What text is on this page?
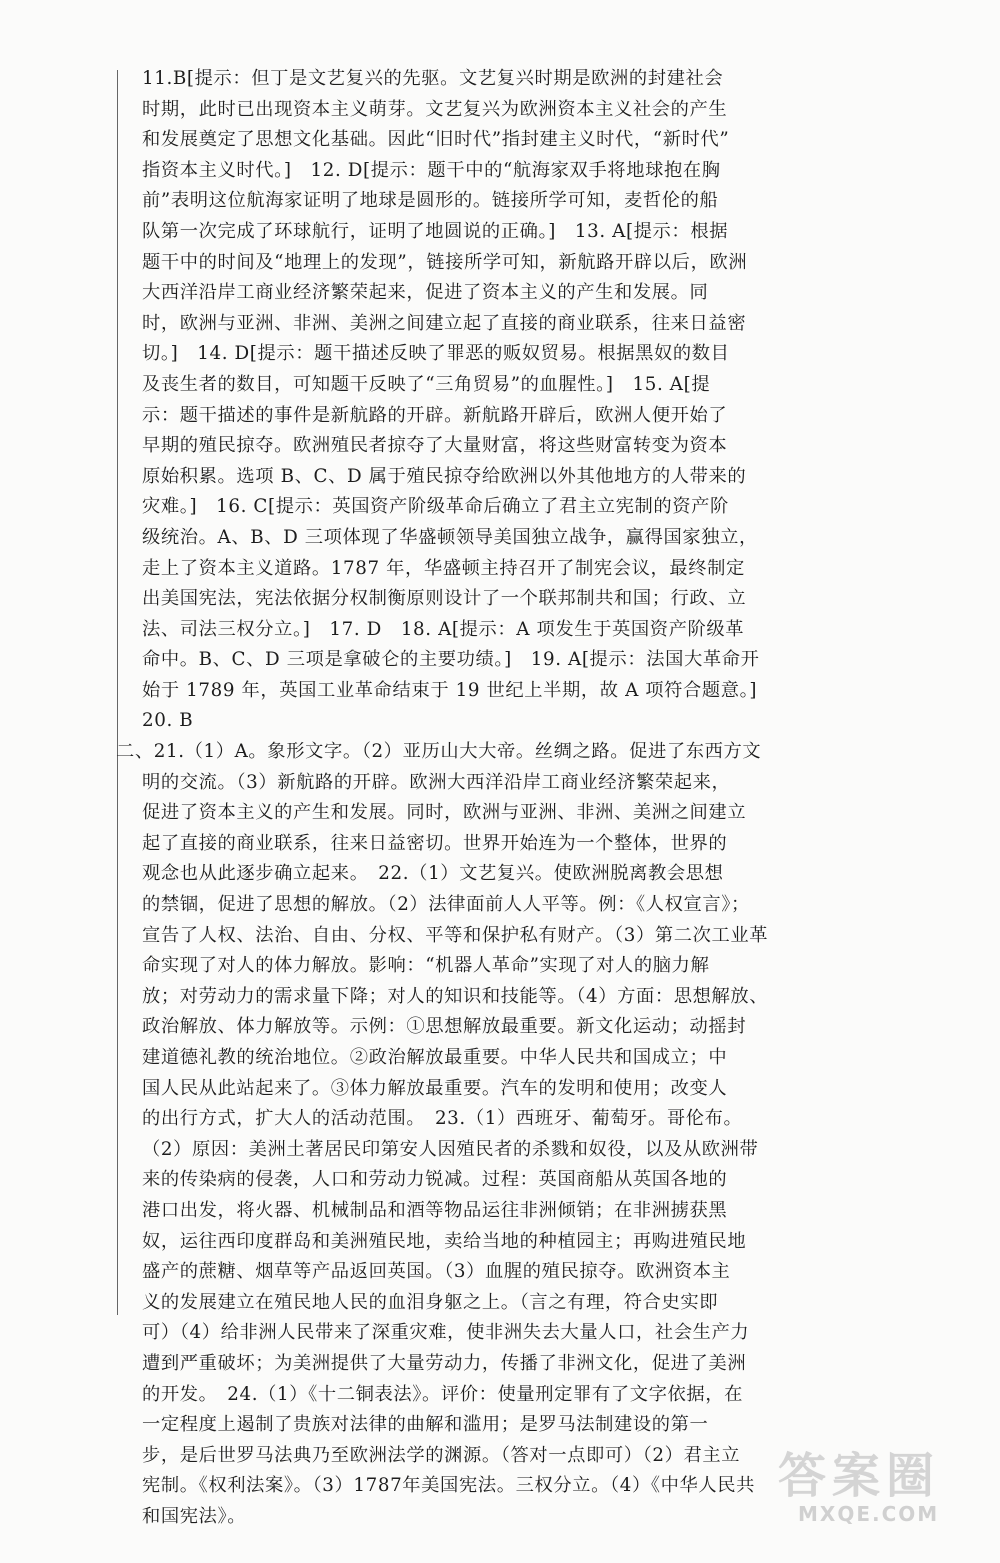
11.B[提示：但丁是文艺复兴的先驱。文艺复兴时期是欧洲的封建社会
时期，此时已出现资本主义萌芽。文艺复兴为欧洲资本主义社会的产生
和发展奠定了思想文化基础。因此“旧时代”指封建主义时代，“新时代”
指资本主义时代。]　12. D[提示：题干中的“航海家双手将地球抱在胸
前”表明这位航海家证明了地球是圆形的。链接所学可知，麦哲伦的船
队第一次完成了环球航行，证明了地圆说的正确。]　13. A[提示：根据
题干中的时间及“地理上的发现”，链接所学可知，新航路开辟以后，欧洲
大西洋沿岸工商业经济繁荣起来，促进了资本主义的产生和发展。同
时，欧洲与亚洲、非洲、美洲之间建立起了直接的商业联系，往来日益密
切。]　14. D[提示：题干描述反映了罪恶的贩奴贸易。根据黑奴的数目
及丧生者的数目，可知题干反映了“三角贸易”的血腥性。]　15. A[提
示：题干描述的事件是新航路的开辟。新航路开辟后，欧洲人便开始了
早期的殖民掠夺。欧洲殖民者掠夺了大量财富，将这些财富转变为资本
原始积累。选项 B、C、D 属于殖民掠夺给欧洲以外其他地方的人带来的
灾难。]　16. C[提示：英国资产阶级革命后确立了君主立宪制的资产阶
级统治。A、B、D 三项体现了华盛顿领导美国独立战争，赢得国家独立，
走上了资本主义道路。1787 年，华盛顿主持召开了制宪会议，最终制定
出美国宪法，宪法依据分权制衡原则设计了一个联邦制共和国；行政、立
法、司法三权分立。]　17. D　18. A[提示：A 项发生于英国资产阶级革
命中。B、C、D 三项是拿破仑的主要功绩。]　19. A[提示：法国大革命开
始于 1789 年，英国工业革命结束于 19 世纪上半期，故 A 项符合题意。]
20. B
二、21.（1）A。象形文字。（2）亚历山大大帝。丝绸之路。促进了东西方文
明的交流。（3）新航路的开辟。欧洲大西洋沿岸工商业经济繁荣起来，
促进了资本主义的产生和发展。同时，欧洲与亚洲、非洲、美洲之间建立
起了直接的商业联系，往来日益密切。世界开始连为一个整体，世界的
观念也从此逐步确立起来。　22.（1）文艺复兴。使欧洲脱离教会思想
的禁锢，促进了思想的解放。（2）法律面前人人平等。例：《人权宣言》；
宣告了人权、法治、自由、分权、平等和保护私有财产。（3）第二次工业革
命实现了对人的体力解放。影响：“机器人革命”实现了对人的脑力解
放；对劳动力的需求量下降；对人的知识和技能等。（4）方面：思想解放、
政治解放、体力解放等。示例：①思想解放最重要。新文化运动；动摇封
建道德礼教的统治地位。②政治解放最重要。中华人民共和国成立；中
国人民从此站起来了。③体力解放最重要。汽车的发明和使用；改变人
的出行方式，扩大人的活动范围。　23.（1）西班牙、葡萄牙。哥伦布。
（2）原因：美洲土著居民印第安人因殖民者的杀戮和奴役，以及从欧洲带
来的传染病的侵袭，人口和劳动力锐减。过程：英国商船从英国各地的
港口出发，将火器、机械制品和酒等物品运往非洲倾销；在非洲掳获黑
奴，运往西印度群岛和美洲殖民地，卖给当地的种植园主；再购进殖民地
盛产的蔗糖、烟草等产品返回英国。（3）血腥的殖民掠夺。欧洲资本主
义的发展建立在殖民地人民的血泪身躯之上。（言之有理，符合史实即
可）（4）给非洲人民带来了深重灾难，使非洲失去大量人口，社会生产力
遭到严重破坏；为美洲提供了大量劳动力，传播了非洲文化，促进了美洲
的开发。　24.（1）《十二铜表法》。评价：使量刑定罪有了文字依据，在
一定程度上遏制了贵族对法律的曲解和滥用；是罗马法制建设的第一
步，是后世罗马法典乃至欧洲法学的渊源。（答对一点即可）（2）君主立
宪制。《权利法案》。（3）1787年美国宪法。三权分立。（4）《中华人民共
和国宪法》。
答案圈
MXQE.COM
